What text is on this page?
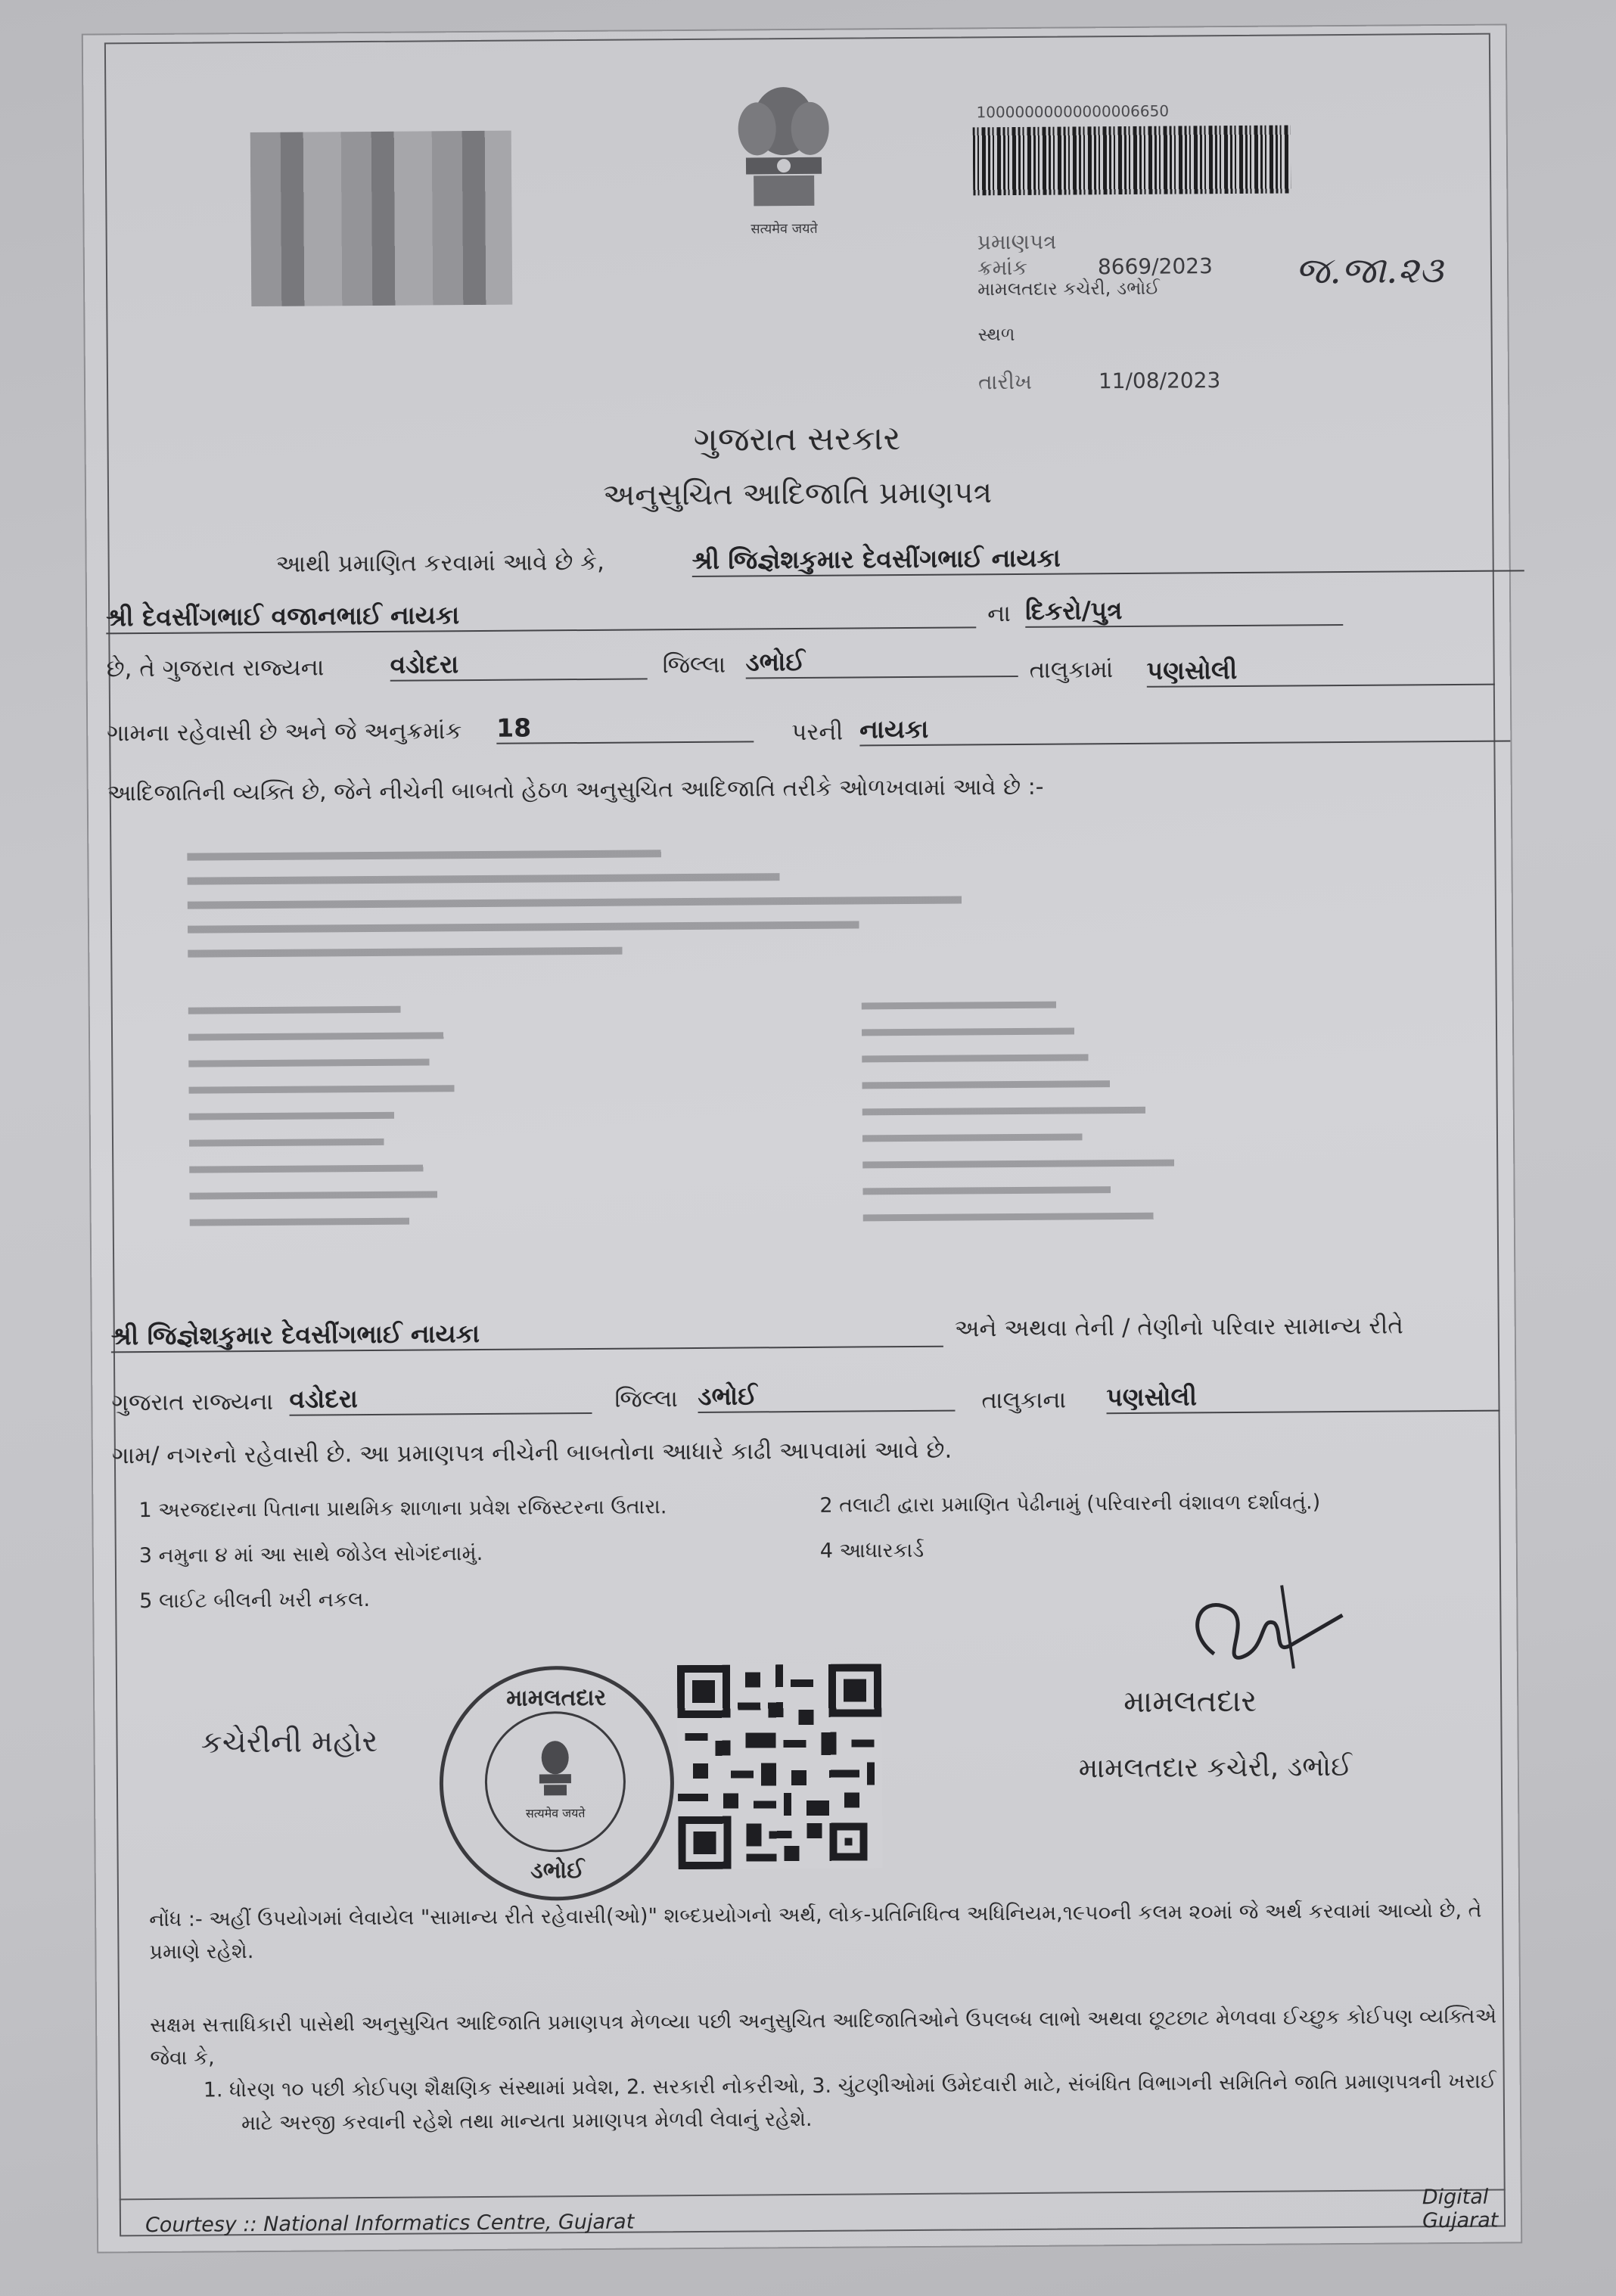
सत्यमेव जयते
10000000000000006650
પ્રમાણપત્ર ક્રમાંક	8669/2023 જ.જા.૨૩
મામલતદાર કચેરી, ડભોઈ
સ્થળ
તારીખ	11/08/2023
ગુજરાત સરકાર
અનુસુચિત આદિજાતિ પ્રમાણપત્ર
આથી પ્રમાણિત કરવામાં આવે છે કે,	શ્રી જિજ્ઞેશકુમાર દેવસીંગભાઈ નાયકા
શ્રી દેવસીંગભાઈ વજાનભાઈ નાયકા	ના દિકરો/પુત્ર
છે, તે ગુજરાત રાજ્યના	વડોદરા	જિલ્લા ડભોઈ	તાલુકામાં પણસોલી
ગામના રહેવાસી છે અને જે અનુક્રમાંક 18	પરની નાયકા
આદિજાતિની વ્યક્તિ છે, જેને નીચેની બાબતો હેઠળ અનુસુચિત આદિજાતિ તરીકે ઓળખવામાં આવે છે :-
શ્રી જિજ્ઞેશકુમાર દેવસીંગભાઈ નાયકા	અને અથવા તેની / તેણીનો પરિવાર સામાન્ય રીતે
ગુજરાત રાજ્યના વડોદરા	જિલ્લા ડભોઈ	તાલુકાના પણસોલી
ગામ/ નગરનો રહેવાસી છે. આ પ્રમાણપત્ર નીચેની બાબતોના આધારે કાઢી આપવામાં આવે છે.
1 અરજદારના પિતાના પ્રાથમિક શાળાના પ્રવેશ રજિસ્ટરના ઉતારા.	2 તલાટી દ્વારા પ્રમાણિત પેઢીનામું (પરિવારની વંશાવળ દર્શાવતું.)
3 નમુના ૪ માં આ સાથે જોડેલ સોગંદનામું.	4 આધારકાર્ડ
5 લાઈટ બીલની ખરી નકલ.
કચેરીની મહોર
મામલતદાર
सत्यमेव जयते
ડભોઈ
મામલતદાર
મામલતદાર કચેરી, ડભોઈ
નોંધ :- અહીં ઉપયોગમાં લેવાયેલ "સામાન્ય રીતે રહેવાસી(ઓ)" શબ્દપ્રયોગનો અર્થ, લોક-પ્રતિનિધિત્વ અધિનિયમ,૧૯૫૦ની કલમ ૨૦માં જે અર્થ કરવામાં આવ્યો છે, તે
પ્રમાણે રહેશે.
સક્ષમ સત્તાધિકારી પાસેથી અનુસુચિત આદિજાતિ પ્રમાણપત્ર મેળવ્યા પછી અનુસુચિત આદિજાતિઓને ઉપલબ્ધ લાભો અથવા છૂટછાટ મેળવવા ઈચ્છુક કોઈપણ વ્યક્તિએ જેવા કે,
1. ધોરણ ૧૦ પછી કોઈપણ શૈક્ષણિક સંસ્થામાં પ્રવેશ, 2. સરકારી નોકરીઓ, 3. ચુંટણીઓમાં ઉમેદવારી માટે, સંબંધિત વિભાગની સમિતિને જાતિ પ્રમાણપત્રની ખરાઈ
માટે અરજી કરવાની રહેશે તથા માન્યતા પ્રમાણપત્ર મેળવી લેવાનું રહેશે.
Courtesy :: National Informatics Centre, Gujarat
Digital Gujarat
